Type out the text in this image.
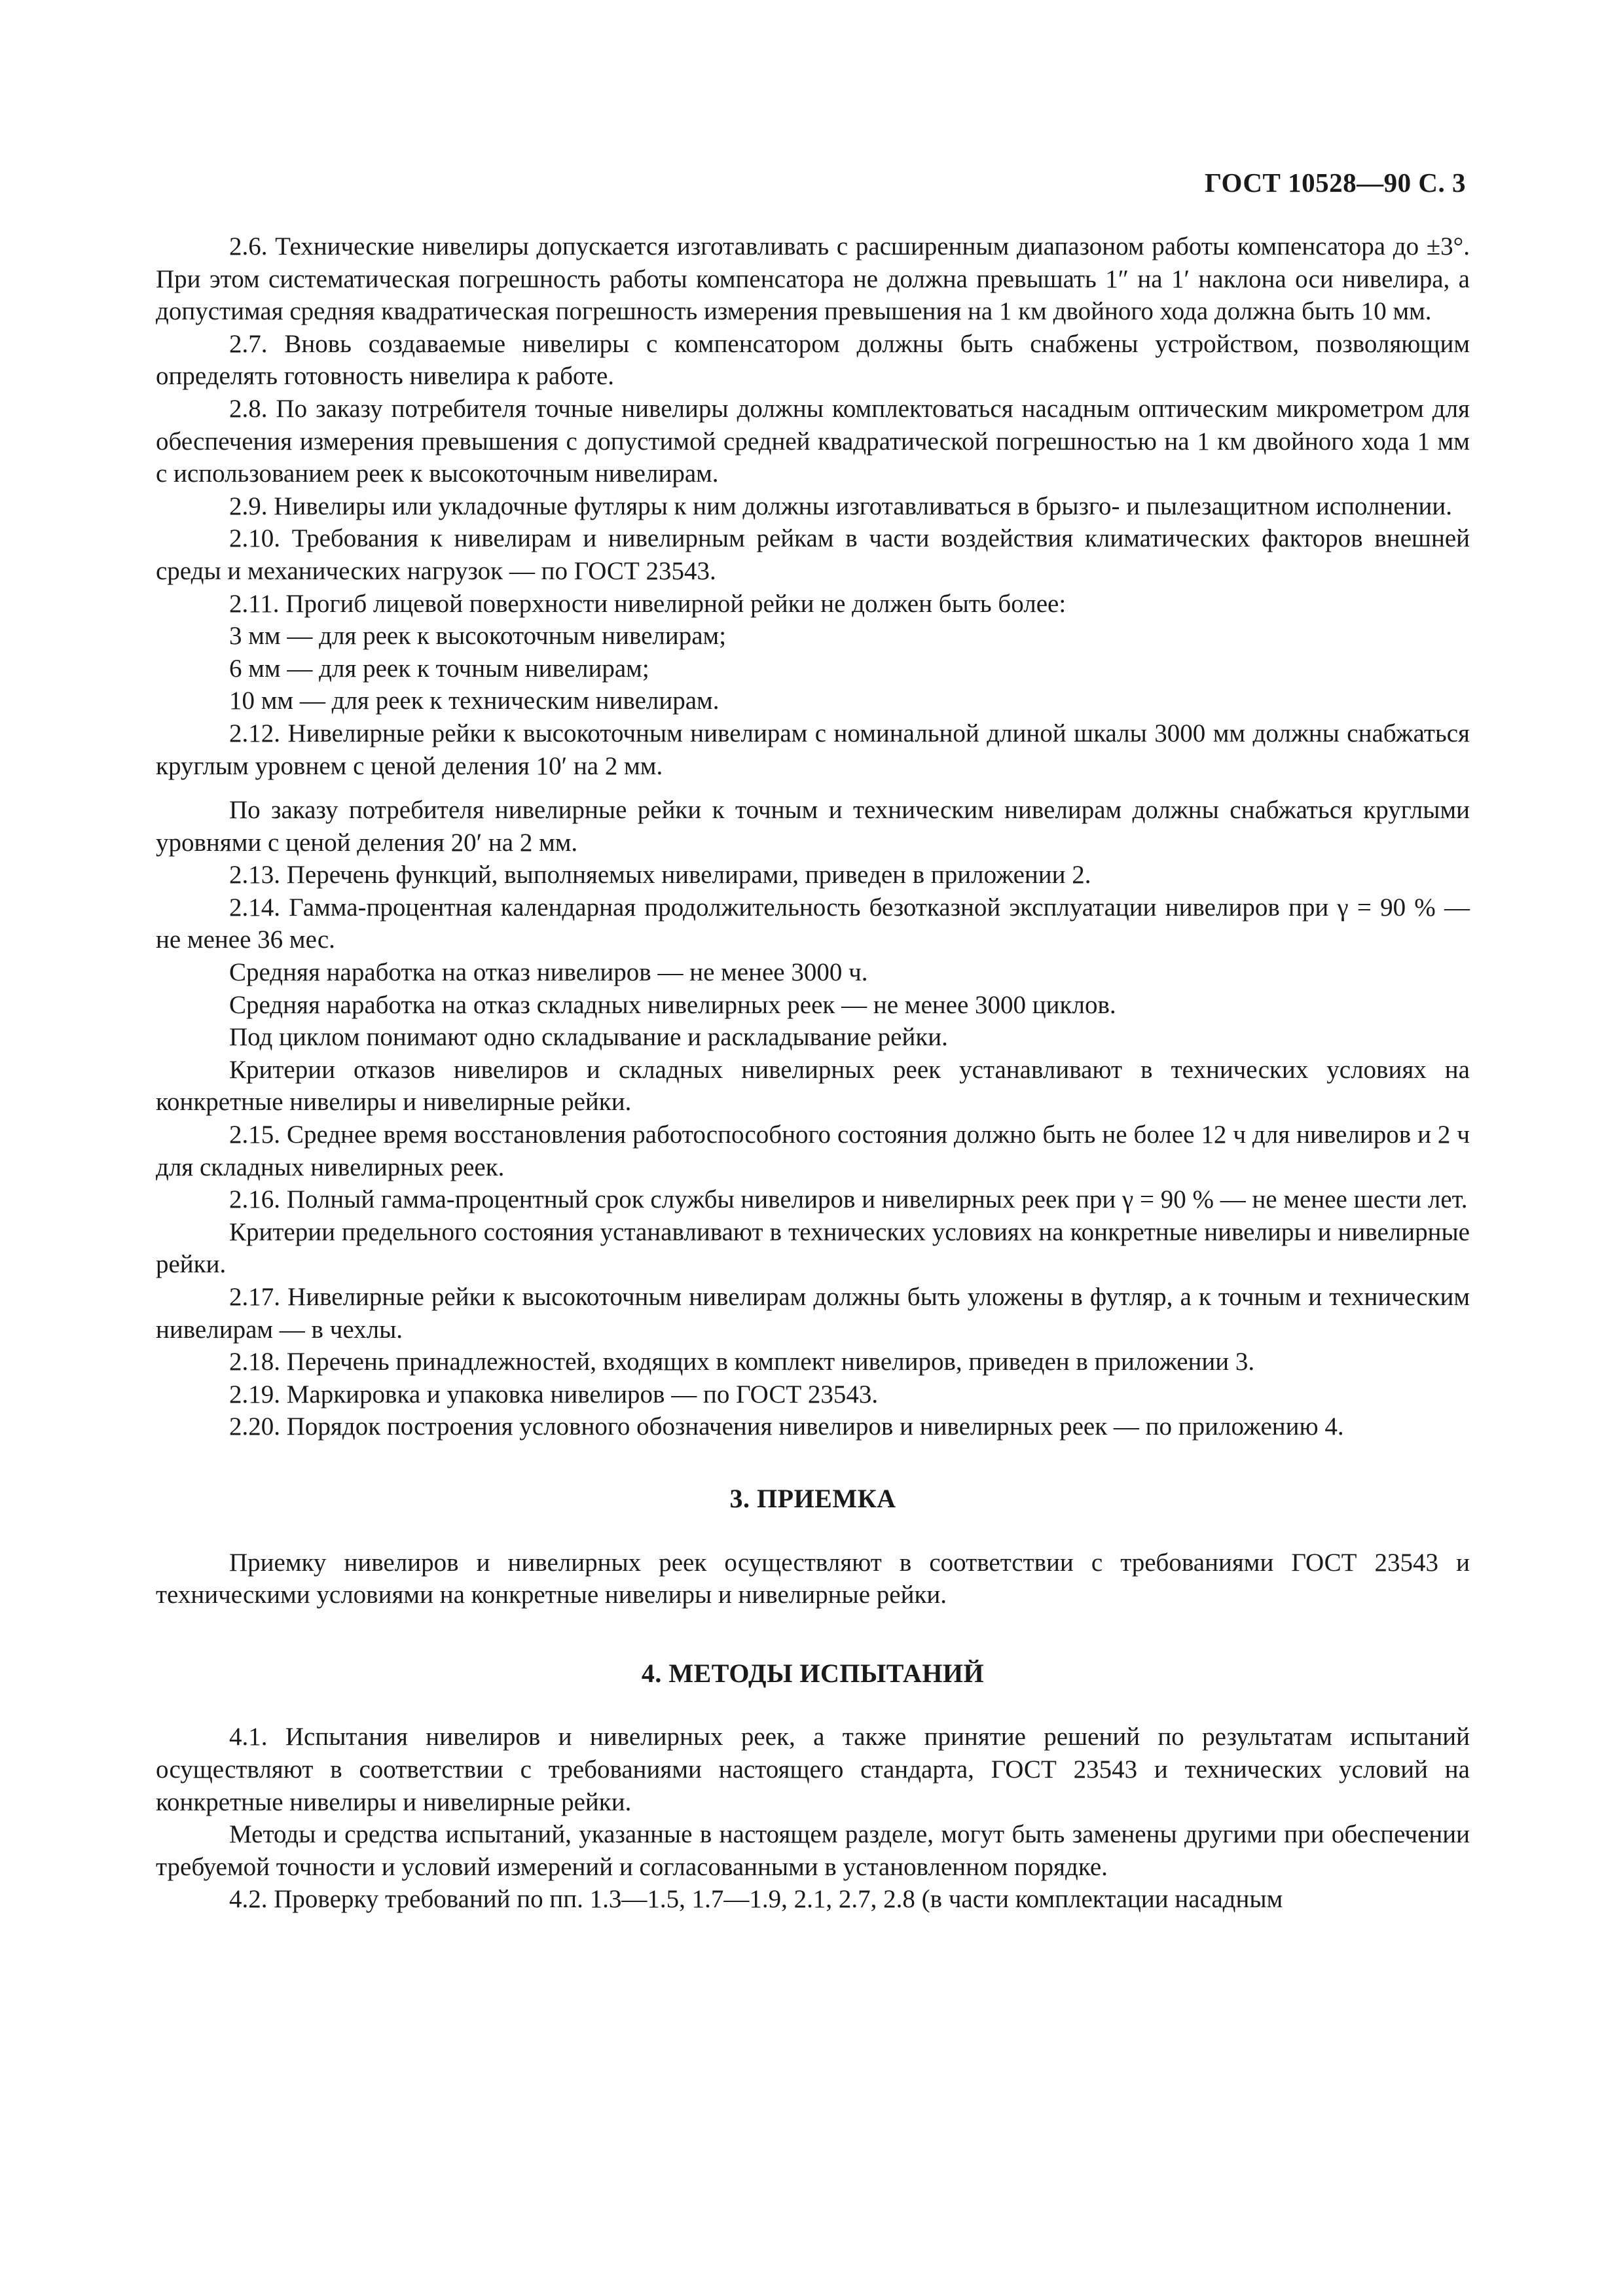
ГОСТ 10528—90 С. 3

2.6. Технические нивелиры допускается изготавливать с расширенным диапазоном работы компенсатора до ±3°. При этом систематическая погрешность работы компенсатора не должна превышать 1″ на 1′ наклона оси нивелира, а допустимая средняя квадратическая погрешность измерения превышения на 1 км двойного хода должна быть 10 мм.

2.7. Вновь создаваемые нивелиры с компенсатором должны быть снабжены устройством, позволяющим определять готовность нивелира к работе.

2.8. По заказу потребителя точные нивелиры должны комплектоваться насадным оптическим микрометром для обеспечения измерения превышения с допустимой средней квадратической погрешностью на 1 км двойного хода 1 мм с использованием реек к высокоточным нивелирам.

2.9. Нивелиры или укладочные футляры к ним должны изготавливаться в брызго- и пылезащитном исполнении.

2.10. Требования к нивелирам и нивелирным рейкам в части воздействия климатических факторов внешней среды и механических нагрузок — по ГОСТ 23543.

2.11. Прогиб лицевой поверхности нивелирной рейки не должен быть более:

3 мм — для реек к высокоточным нивелирам;

6 мм — для реек к точным нивелирам;

10 мм — для реек к техническим нивелирам.

2.12. Нивелирные рейки к высокоточным нивелирам с номинальной длиной шкалы 3000 мм должны снабжаться круглым уровнем с ценой деления 10′ на 2 мм.

По заказу потребителя нивелирные рейки к точным и техническим нивелирам должны снабжаться круглыми уровнями с ценой деления 20′ на 2 мм.

2.13. Перечень функций, выполняемых нивелирами, приведен в приложении 2.

2.14. Гамма-процентная календарная продолжительность безотказной эксплуатации нивелиров при γ = 90 % — не менее 36 мес.

Средняя наработка на отказ нивелиров — не менее 3000 ч.

Средняя наработка на отказ складных нивелирных реек — не менее 3000 циклов.

Под циклом понимают одно складывание и раскладывание рейки.

Критерии отказов нивелиров и складных нивелирных реек устанавливают в технических условиях на конкретные нивелиры и нивелирные рейки.

2.15. Среднее время восстановления работоспособного состояния должно быть не более 12 ч для нивелиров и 2 ч для складных нивелирных реек.

2.16. Полный гамма-процентный срок службы нивелиров и нивелирных реек при γ = 90 % — не менее шести лет.

Критерии предельного состояния устанавливают в технических условиях на конкретные нивелиры и нивелирные рейки.

2.17. Нивелирные рейки к высокоточным нивелирам должны быть уложены в футляр, а к точным и техническим нивелирам — в чехлы.

2.18. Перечень принадлежностей, входящих в комплект нивелиров, приведен в приложении 3.

2.19. Маркировка и упаковка нивелиров — по ГОСТ 23543.

2.20. Порядок построения условного обозначения нивелиров и нивелирных реек — по приложению 4.

3. ПРИЕМКА

Приемку нивелиров и нивелирных реек осуществляют в соответствии с требованиями ГОСТ 23543 и техническими условиями на конкретные нивелиры и нивелирные рейки.

4. МЕТОДЫ ИСПЫТАНИЙ

4.1. Испытания нивелиров и нивелирных реек, а также принятие решений по результатам испытаний осуществляют в соответствии с требованиями настоящего стандарта, ГОСТ 23543 и технических условий на конкретные нивелиры и нивелирные рейки.

Методы и средства испытаний, указанные в настоящем разделе, могут быть заменены другими при обеспечении требуемой точности и условий измерений и согласованными в установленном порядке.

4.2. Проверку требований по пп. 1.3—1.5, 1.7—1.9, 2.1, 2.7, 2.8 (в части комплектации насадным
